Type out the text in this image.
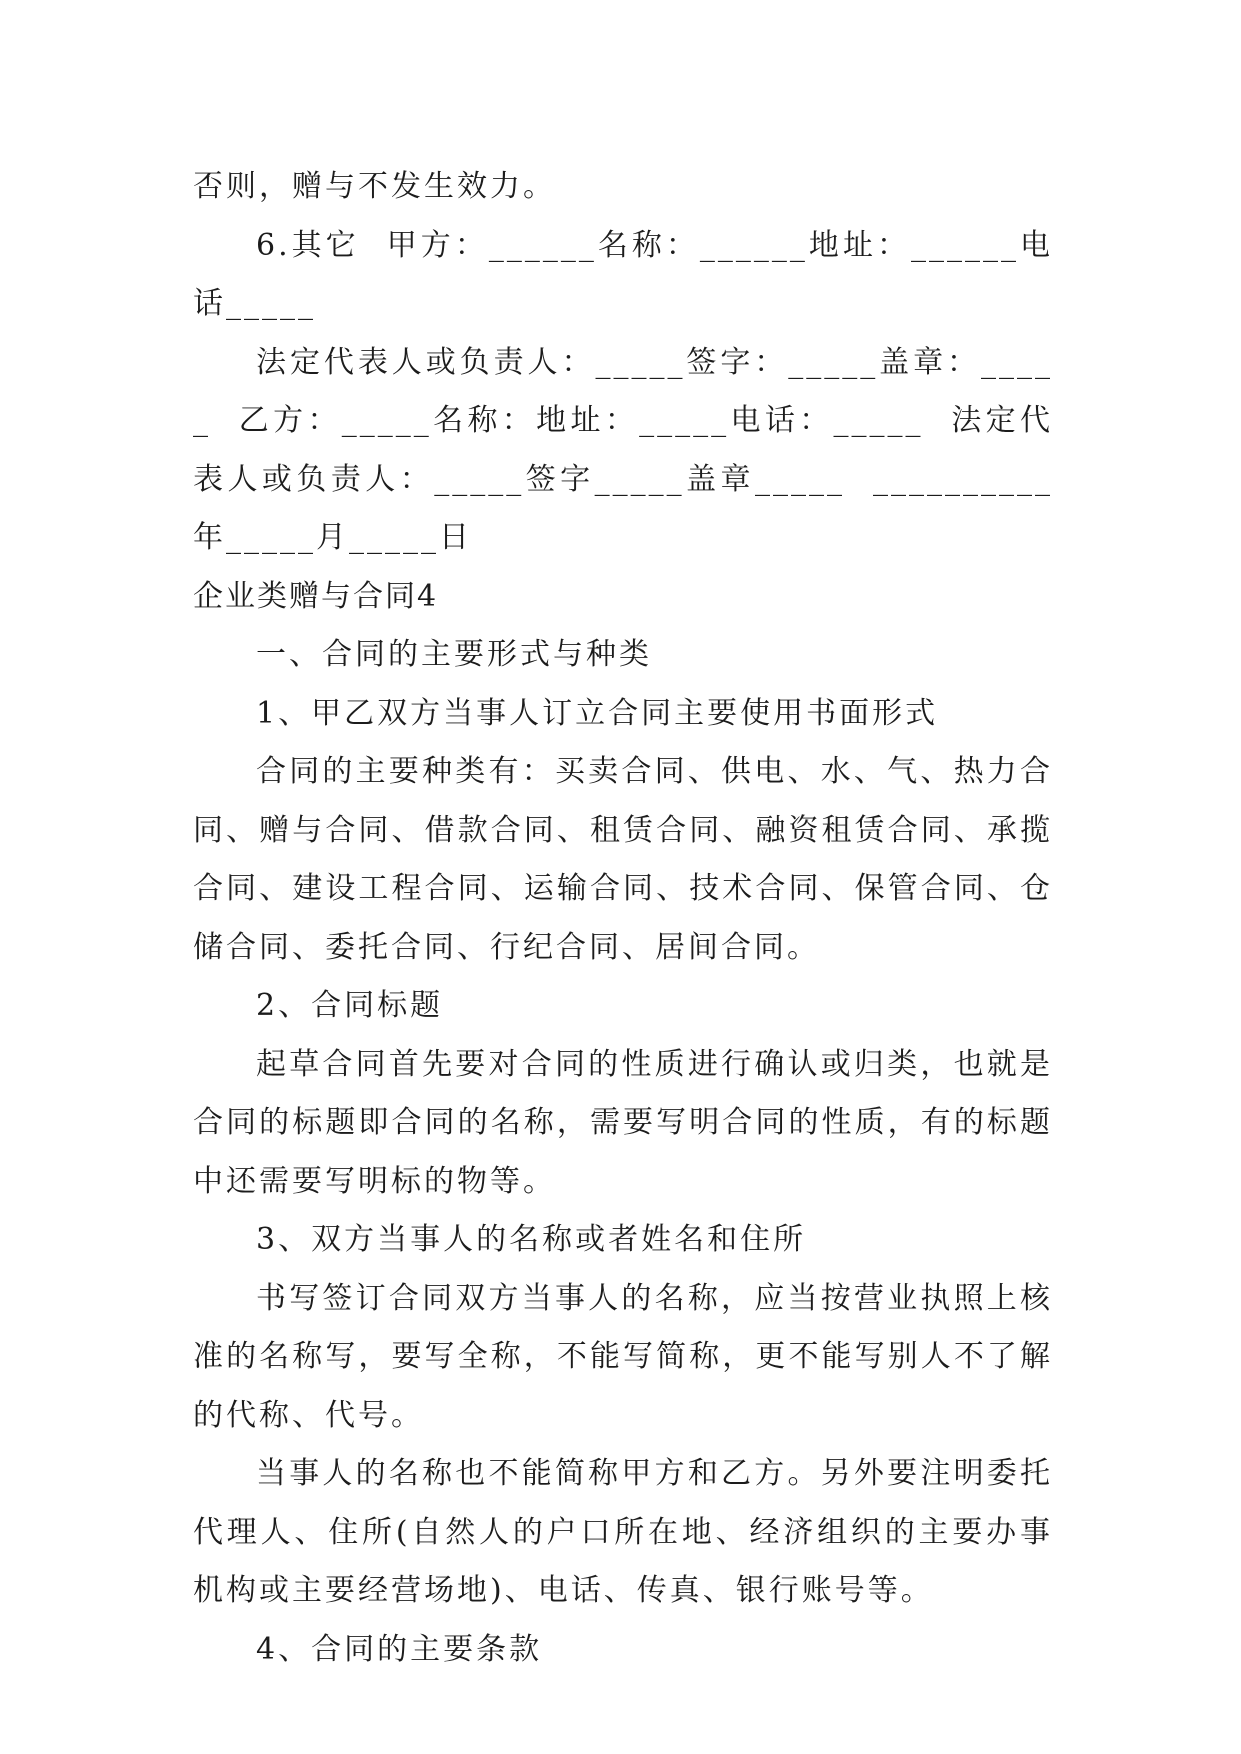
否则，赠与不发生效力。

6.其它  甲方：______名称：______地址：______电话_____

法定代表人或负责人：_____签字：_____盖章：_____  乙方：_____名称：地址：_____电话：_____  法定代表人或负责人：_____签字_____盖章_____  __________年_____月_____日

企业类赠与合同4

一、合同的主要形式与种类

1、甲乙双方当事人订立合同主要使用书面形式

合同的主要种类有：买卖合同、供电、水、气、热力合同、赠与合同、借款合同、租赁合同、融资租赁合同、承揽合同、建设工程合同、运输合同、技术合同、保管合同、仓储合同、委托合同、行纪合同、居间合同。

2、合同标题

起草合同首先要对合同的性质进行确认或归类，也就是合同的标题即合同的名称，需要写明合同的性质，有的标题中还需要写明标的物等。

3、双方当事人的名称或者姓名和住所

书写签订合同双方当事人的名称，应当按营业执照上核准的名称写，要写全称，不能写简称，更不能写别人不了解的代称、代号。

当事人的名称也不能简称甲方和乙方。另外要注明委托代理人、住所(自然人的户口所在地、经济组织的主要办事机构或主要经营场地)、电话、传真、银行账号等。

4、合同的主要条款
